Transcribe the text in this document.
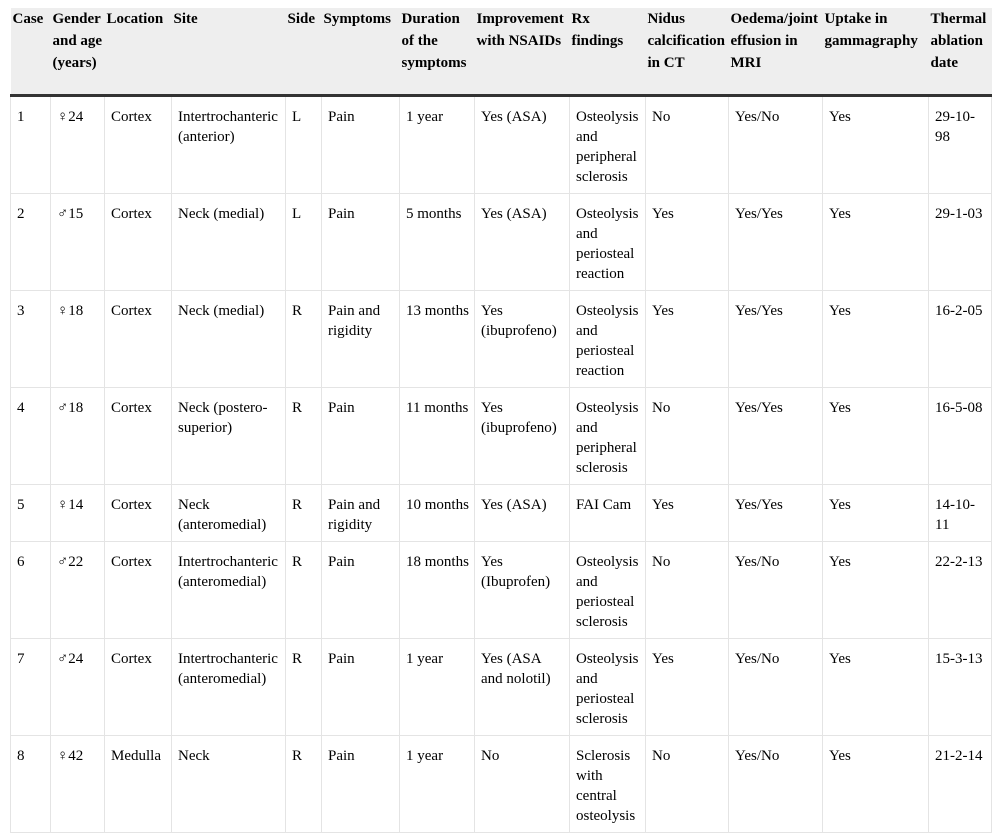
Case	Gender and age (years)	Location	Site	Side	Symptoms	Duration of the symptoms	Improvement with NSAIDs	Rx findings	Nidus calcification in CT	Oedema/joint effusion in MRI	Uptake in gammagraphy	Thermal ablation date
1	♀24	Cortex	Intertrochanteric (anterior)	L	Pain	1 year	Yes (ASA)	Osteolysis and peripheral sclerosis	No	Yes/No	Yes	29-10-98
2	♂15	Cortex	Neck (medial)	L	Pain	5 months	Yes (ASA)	Osteolysis and periosteal reaction	Yes	Yes/Yes	Yes	29-1-03
3	♀18	Cortex	Neck (medial)	R	Pain and rigidity	13 months	Yes (ibuprofeno)	Osteolysis and periosteal reaction	Yes	Yes/Yes	Yes	16-2-05
4	♂18	Cortex	Neck (postero-superior)	R	Pain	11 months	Yes (ibuprofeno)	Osteolysis and peripheral sclerosis	No	Yes/Yes	Yes	16-5-08
5	♀14	Cortex	Neck (anteromedial)	R	Pain and rigidity	10 months	Yes (ASA)	FAI Cam	Yes	Yes/Yes	Yes	14-10-11
6	♂22	Cortex	Intertrochanteric (anteromedial)	R	Pain	18 months	Yes (Ibuprofen)	Osteolysis and periosteal sclerosis	No	Yes/No	Yes	22-2-13
7	♂24	Cortex	Intertrochanteric (anteromedial)	R	Pain	1 year	Yes (ASA and nolotil)	Osteolysis and periosteal sclerosis	Yes	Yes/No	Yes	15-3-13
8	♀42	Medulla	Neck	R	Pain	1 year	No	Sclerosis with central osteolysis	No	Yes/No	Yes	21-2-14
